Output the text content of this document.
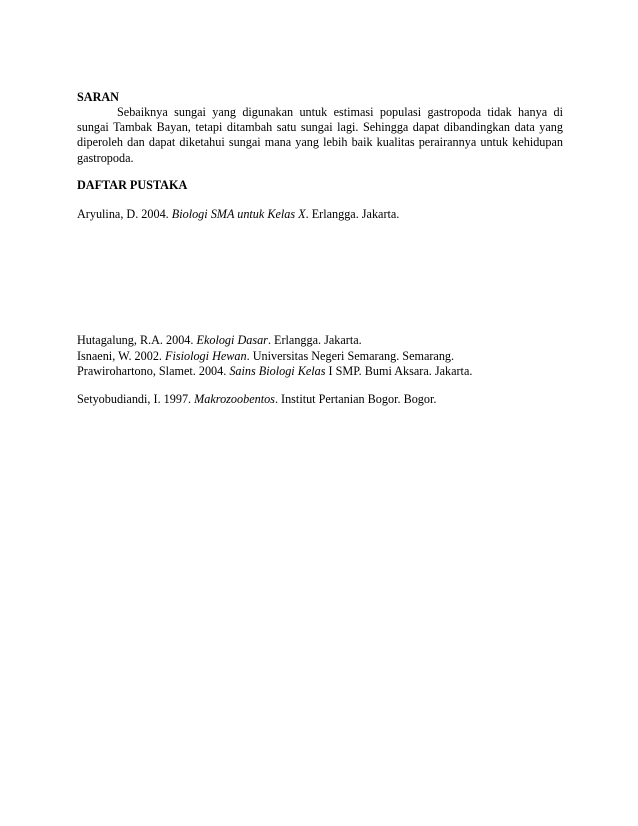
SARAN
Sebaiknya sungai yang digunakan untuk estimasi populasi gastropoda tidak hanya di sungai Tambak Bayan, tetapi ditambah satu sungai lagi. Sehingga dapat dibandingkan data yang diperoleh dan dapat diketahui sungai mana yang lebih baik kualitas perairannya untuk kehidupan gastropoda.
DAFTAR PUSTAKA
Aryulina, D. 2004. Biologi SMA untuk Kelas X. Erlangga. Jakarta.
Hutagalung, R.A. 2004. Ekologi Dasar. Erlangga. Jakarta.
Isnaeni, W. 2002. Fisiologi Hewan. Universitas Negeri Semarang. Semarang.
Prawirohartono, Slamet. 2004. Sains Biologi Kelas I SMP. Bumi Aksara. Jakarta.
Setyobudiandi, I. 1997. Makrozoobentos. Institut Pertanian Bogor. Bogor.
